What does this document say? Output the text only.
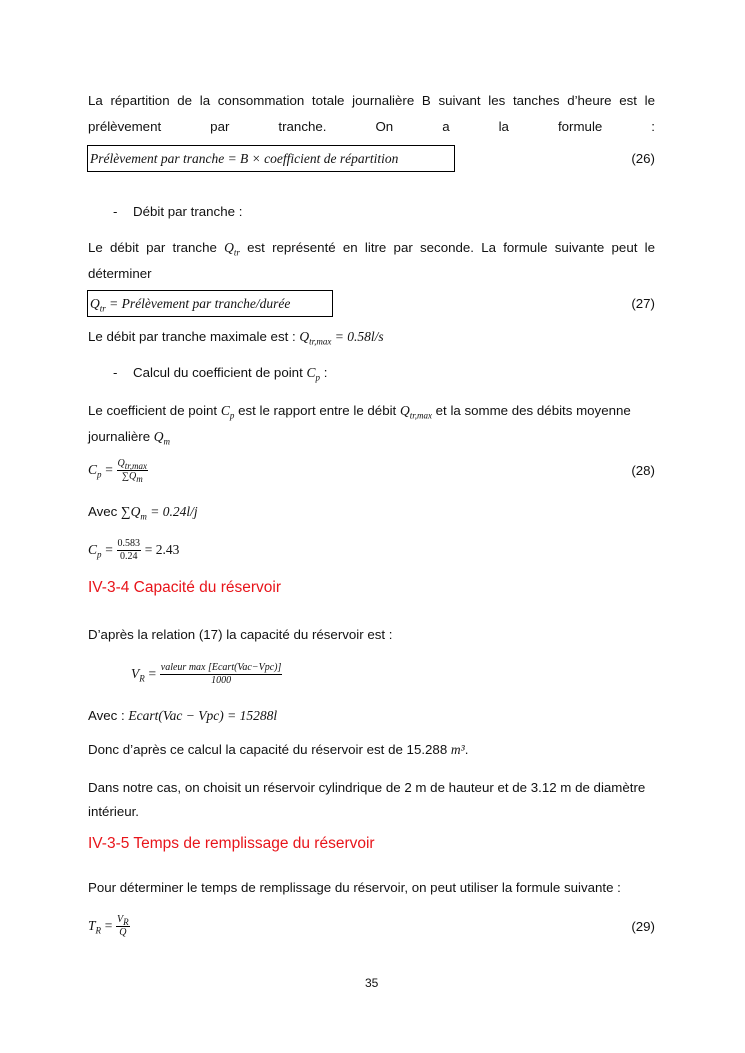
La répartition de la consommation totale journalière B suivant les tanches d’heure est le prélèvement par tranche. On a la formule :
Prélèvement par tranche = B × coefficient de répartition	(26)
- Débit par tranche :
Le débit par tranche $Q_{tr}$ est représenté en litre par seconde. La formule suivante peut le déterminer
$Q_{tr}$ = Prélèvement par tranche/durée	(27)
Le débit par tranche maximale est : $Q_{tr,max} = 0.58l/s$
- Calcul du coefficient de point $C_p$ :
Le coefficient de point $C_p$ est le rapport entre le débit $Q_{tr,max}$ et la somme des débits moyenne journalière $Q_m$
$C_p = \frac{Q_{tr,max}}{\sum Q_m}$	(28)
Avec $\sum Q_m = 0.24l/j$
$C_p = \frac{0.583}{0.24} = 2.43$
IV-3-4 Capacité du réservoir
D’après la relation (17) la capacité du réservoir est :
$V_R = \frac{\text{valeur max [Ecart(Vac−Vpc)]}}{1000}$
Avec : Ecart(Vac − Vpc) = 15288l
Donc d’après ce calcul la capacité du réservoir est de 15.288 m³.
Dans notre cas, on choisit un réservoir cylindrique de 2 m de hauteur et de 3.12 m de diamètre intérieur.
IV-3-5 Temps de remplissage du réservoir
Pour déterminer le temps de remplissage du réservoir, on peut utiliser la formule suivante :
$T_R = \frac{V_R}{Q}$	(29)
35
